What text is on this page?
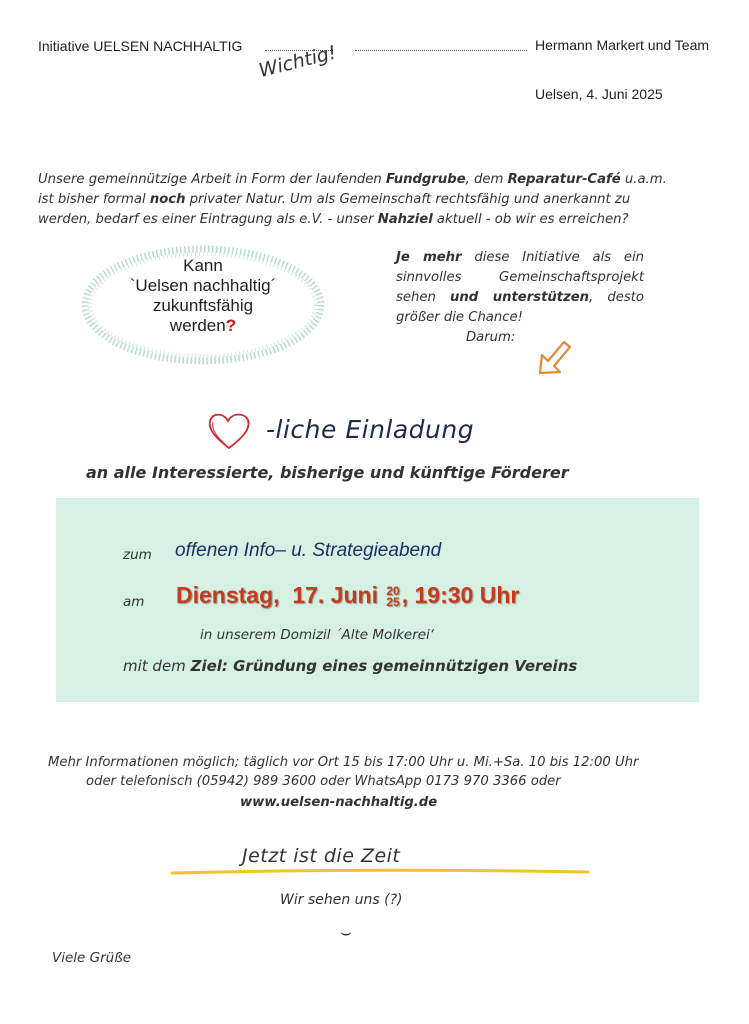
Initiative UELSEN NACHHALTIG	Hermann Markert und Team
Wichtig!
Uelsen, 4. Juni 2025
Unsere gemeinnützige Arbeit in Form der laufenden Fundgrube, dem Reparatur-Café u.a.m. ist bisher formal noch privater Natur. Um als Gemeinschaft rechtsfähig und anerkannt zu werden, bedarf es einer Eintragung als e.V. - unser Nahziel aktuell - ob wir es erreichen?
Kann
`Uelsen nachhaltig´
zukunftsfähig
werden?
Je mehr diese Initiative als ein sinnvolles Gemeinschaftsprojekt sehen und unterstützen, desto größer die Chance!
Darum:
-liche Einladung
an alle Interessierte, bisherige und künftige Förderer
zum offenen Info– u. Strategieabend
am Dienstag, 17. Juni 20
25, 19:30 Uhr
in unserem Domizil ´Alte Molkerei‘
mit dem Ziel: Gründung eines gemeinnützigen Vereins
Mehr Informationen möglich; täglich vor Ort 15 bis 17:00 Uhr u. Mi.+Sa. 10 bis 12:00 Uhr
oder telefonisch (05942) 989 3600 oder WhatsApp 0173 970 3366 oder
www.uelsen-nachhaltig.de
Jetzt ist die Zeit
Wir sehen uns (?)
⌣
Viele Grüße
